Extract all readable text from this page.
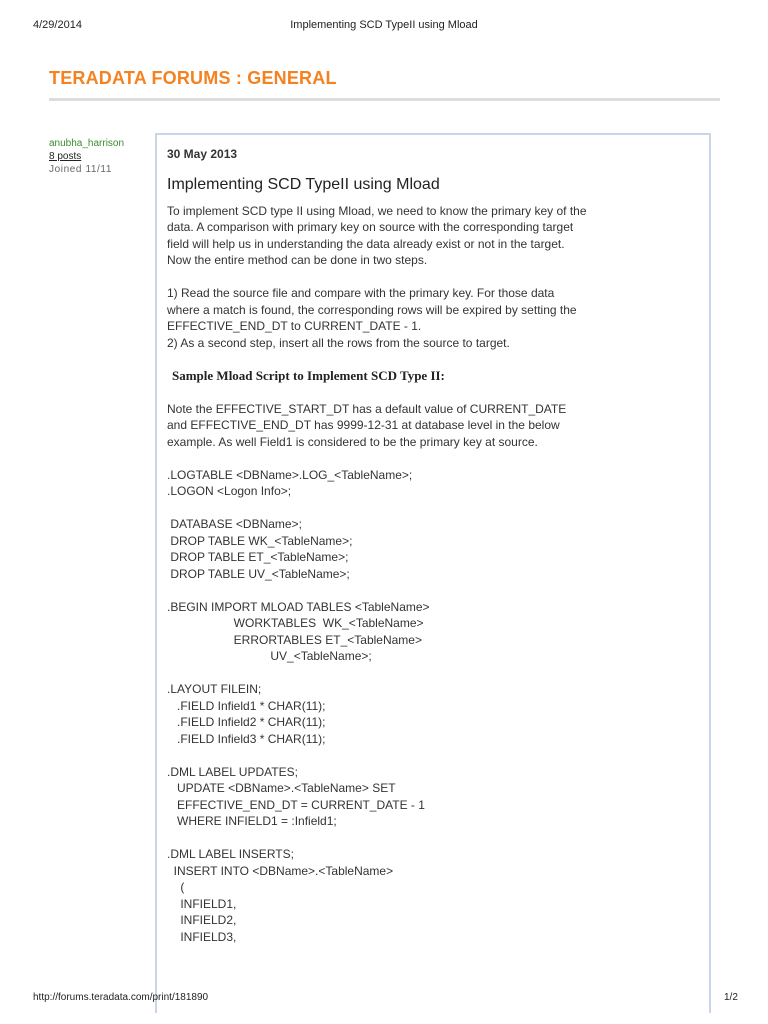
4/29/2014	Implementing SCD TypeII using Mload
TERADATA FORUMS : GENERAL
anubha_harrison
8 posts
Joined 11/11

30 May 2013

Implementing SCD TypeII using Mload

To implement SCD type II using Mload, we need to know the primary key of the data. A comparison with primary key on source with the corresponding target field will help us in understanding the data already exist or not in the target. Now the entire method can be done in two steps.

1) Read the source file and compare with the primary key. For those data where a match is found, the corresponding rows will be expired by setting the EFFECTIVE_END_DT to CURRENT_DATE - 1.

2) As a second step, insert all the rows from the source to target.

Sample Mload Script to Implement SCD Type II:

Note the EFFECTIVE_START_DT has a default value of CURRENT_DATE and EFFECTIVE_END_DT has 9999-12-31 at database level in the below example. As well Field1 is considered to be the primary key at source.

.LOGTABLE <DBName>.LOG_<TableName>;
.LOGON <Logon Info>;
DATABASE <DBName>;
DROP TABLE WK_<TableName>;
DROP TABLE ET_<TableName>;
DROP TABLE UV_<TableName>;
.BEGIN IMPORT MLOAD TABLES <TableName>
WORKTABLES  WK_<TableName>
ERRORTABLES ET_<TableName>
UV_<TableName>;
.LAYOUT FILEIN;
.FIELD Infield1 * CHAR(11);
.FIELD Infield2 * CHAR(11);
.FIELD Infield3 * CHAR(11);
.DML LABEL UPDATES;
UPDATE <DBName>.<TableName> SET
EFFECTIVE_END_DT = CURRENT_DATE - 1
WHERE INFIELD1 = :Infield1;
.DML LABEL INSERTS;
INSERT INTO <DBName>.<TableName>
(
INFIELD1,
INFIELD2,
INFIELD3,
http://forums.teradata.com/print/181890	1/2
